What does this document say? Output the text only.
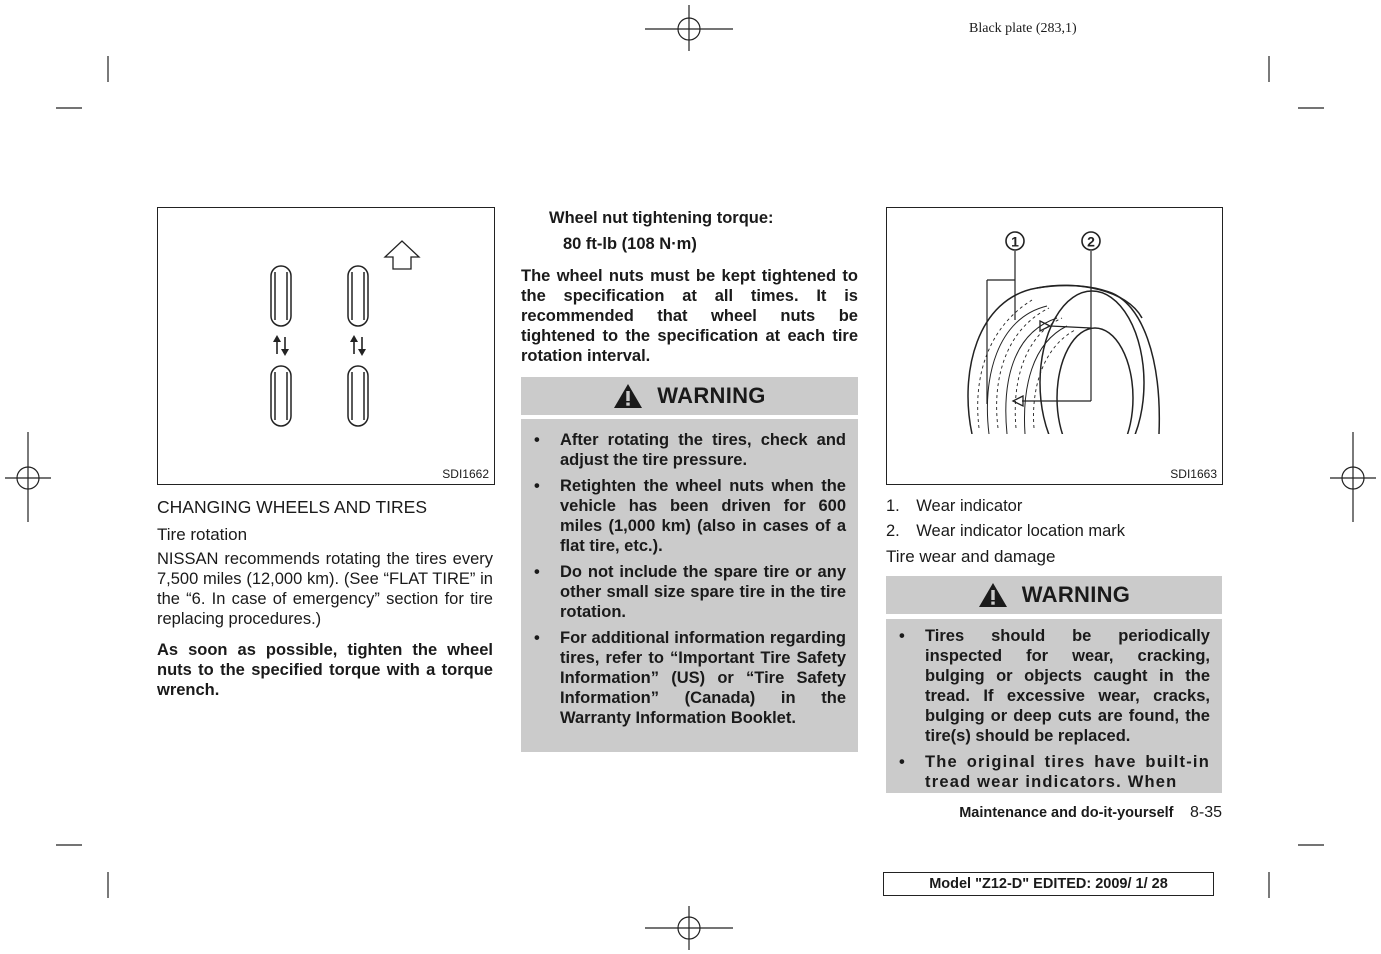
Black plate (283,1)
SDI1662
CHANGING WHEELS AND TIRES
Tire rotation

NISSAN recommends rotating the tires every 7,500 miles (12,000 km). (See “FLAT TIRE” in the “6. In case of emergency” section for tire replacing procedures.)

As soon as possible, tighten the wheel nuts to the specified torque with a torque wrench.

Wheel nut tightening torque:
80 ft-lb (108 N·m)

The wheel nuts must be kept tightened to the specification at all times. It is recommended that wheel nuts be tightened to the specification at each tire rotation interval.

WARNING
•	After rotating the tires, check and adjust the tire pressure.
•	Retighten the wheel nuts when the vehicle has been driven for 600 miles (1,000 km) (also in cases of a flat tire, etc.).
•	Do not include the spare tire or any other small size spare tire in the tire rotation.
•	For additional information regarding tires, refer to “Important Tire Safety Information” (US) or “Tire Safety Information” (Canada) in the Warranty Information Booklet.
1	2
SDI1663
1. Wear indicator
2. Wear indicator location mark
Tire wear and damage
WARNING
•	Tires should be periodically inspected for wear, cracking, bulging or objects caught in the tread. If excessive wear, cracks, bulging or deep cuts are found, the tire(s) should be replaced.
•	The original tires have built-in tread wear indicators. When
Maintenance and do-it-yourself 8-35
Model "Z12-D" EDITED: 2009/ 1/ 28
